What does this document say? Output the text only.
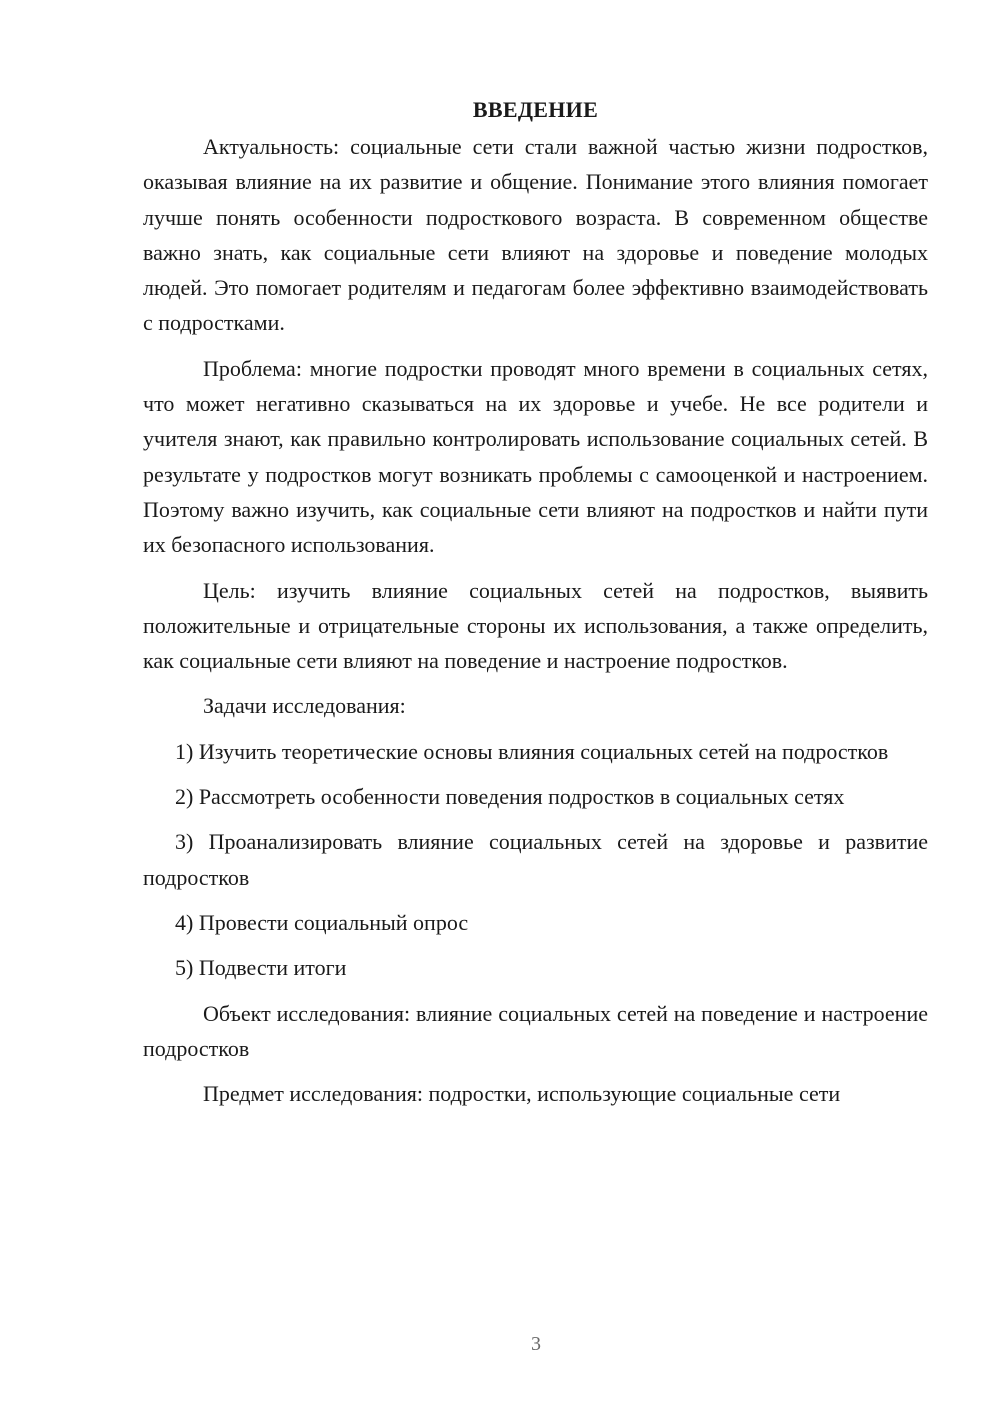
ВВЕДЕНИЕ

Актуальность: социальные сети стали важной частью жизни подростков, оказывая влияние на их развитие и общение. Понимание этого влияния помогает лучше понять особенности подросткового возраста. В современном обществе важно знать, как социальные сети влияют на здоровье и поведение молодых людей. Это помогает родителям и педагогам более эффективно взаимодействовать с подростками.

Проблема: многие подростки проводят много времени в социальных сетях, что может негативно сказываться на их здоровье и учебе. Не все родители и учителя знают, как правильно контролировать использование социальных сетей. В результате у подростков могут возникать проблемы с самооценкой и настроением. Поэтому важно изучить, как социальные сети влияют на подростков и найти пути их безопасного использования.

Цель: изучить влияние социальных сетей на подростков, выявить положительные и отрицательные стороны их использования, а также определить, как социальные сети влияют на поведение и настроение подростков.

Задачи исследования:

1) Изучить теоретические основы влияния социальных сетей на подростков

2) Рассмотреть особенности поведения подростков в социальных сетях

3) Проанализировать влияние социальных сетей на здоровье и развитие подростков

4) Провести социальный опрос

5) Подвести итоги

Объект исследования: влияние социальных сетей на поведение и настроение подростков

Предмет исследования: подростки, использующие социальные сети

3
